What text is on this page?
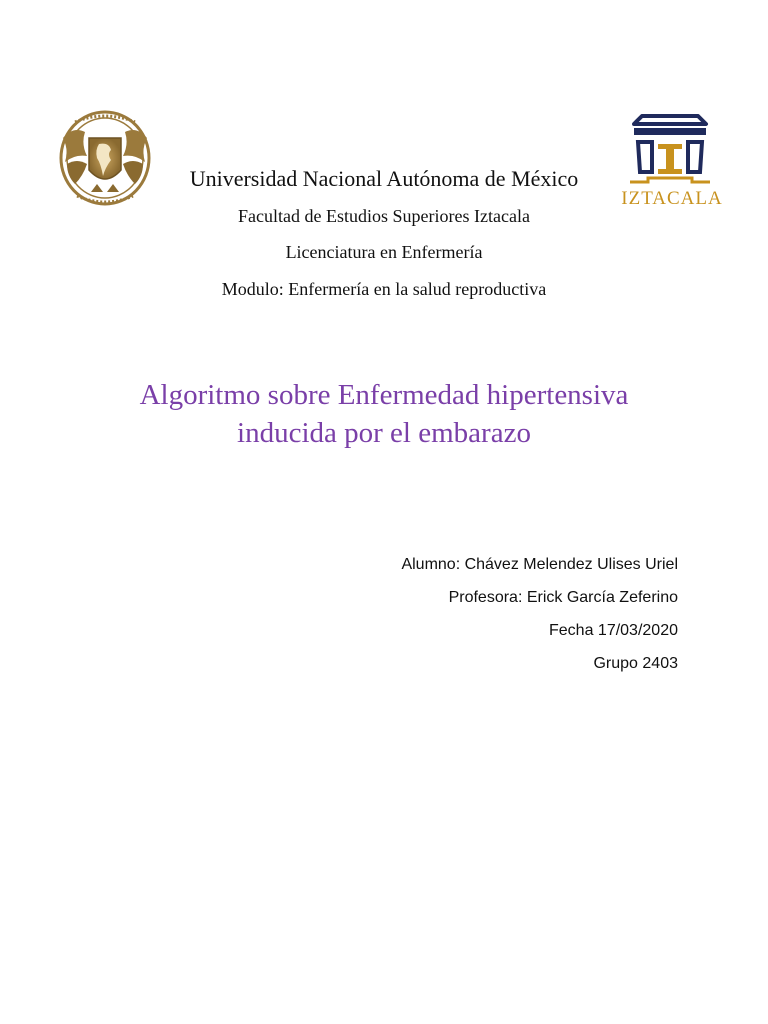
IZTACALA
Universidad Nacional Autónoma de México
Facultad de Estudios Superiores Iztacala
Licenciatura en Enfermería
Modulo: Enfermería en la salud reproductiva
Algoritmo sobre Enfermedad hipertensiva
inducida por el embarazo
Alumno: Chávez Melendez Ulises Uriel
Profesora: Erick García Zeferino
Fecha 17/03/2020
Grupo 2403
